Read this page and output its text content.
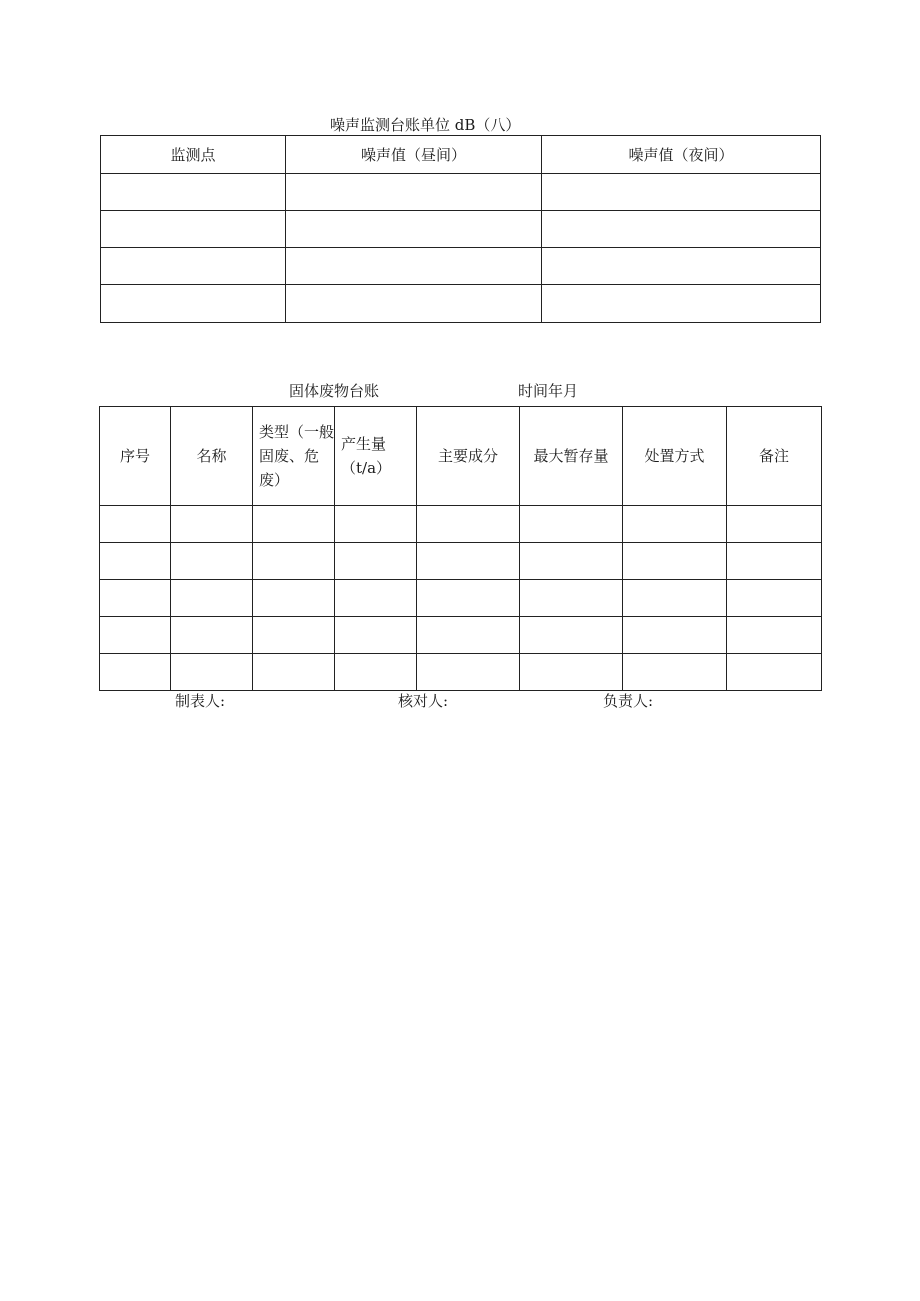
噪声监测台账单位 dB（八）
监测点	噪声值（昼间）	噪声值（夜间）

固体废物台账	时间年月
序号	名称	类型（一般固废、危废）	产生量（t/a）	主要成分	最大暂存量	处置方式	备注

制表人:	核对人:	负责人:
